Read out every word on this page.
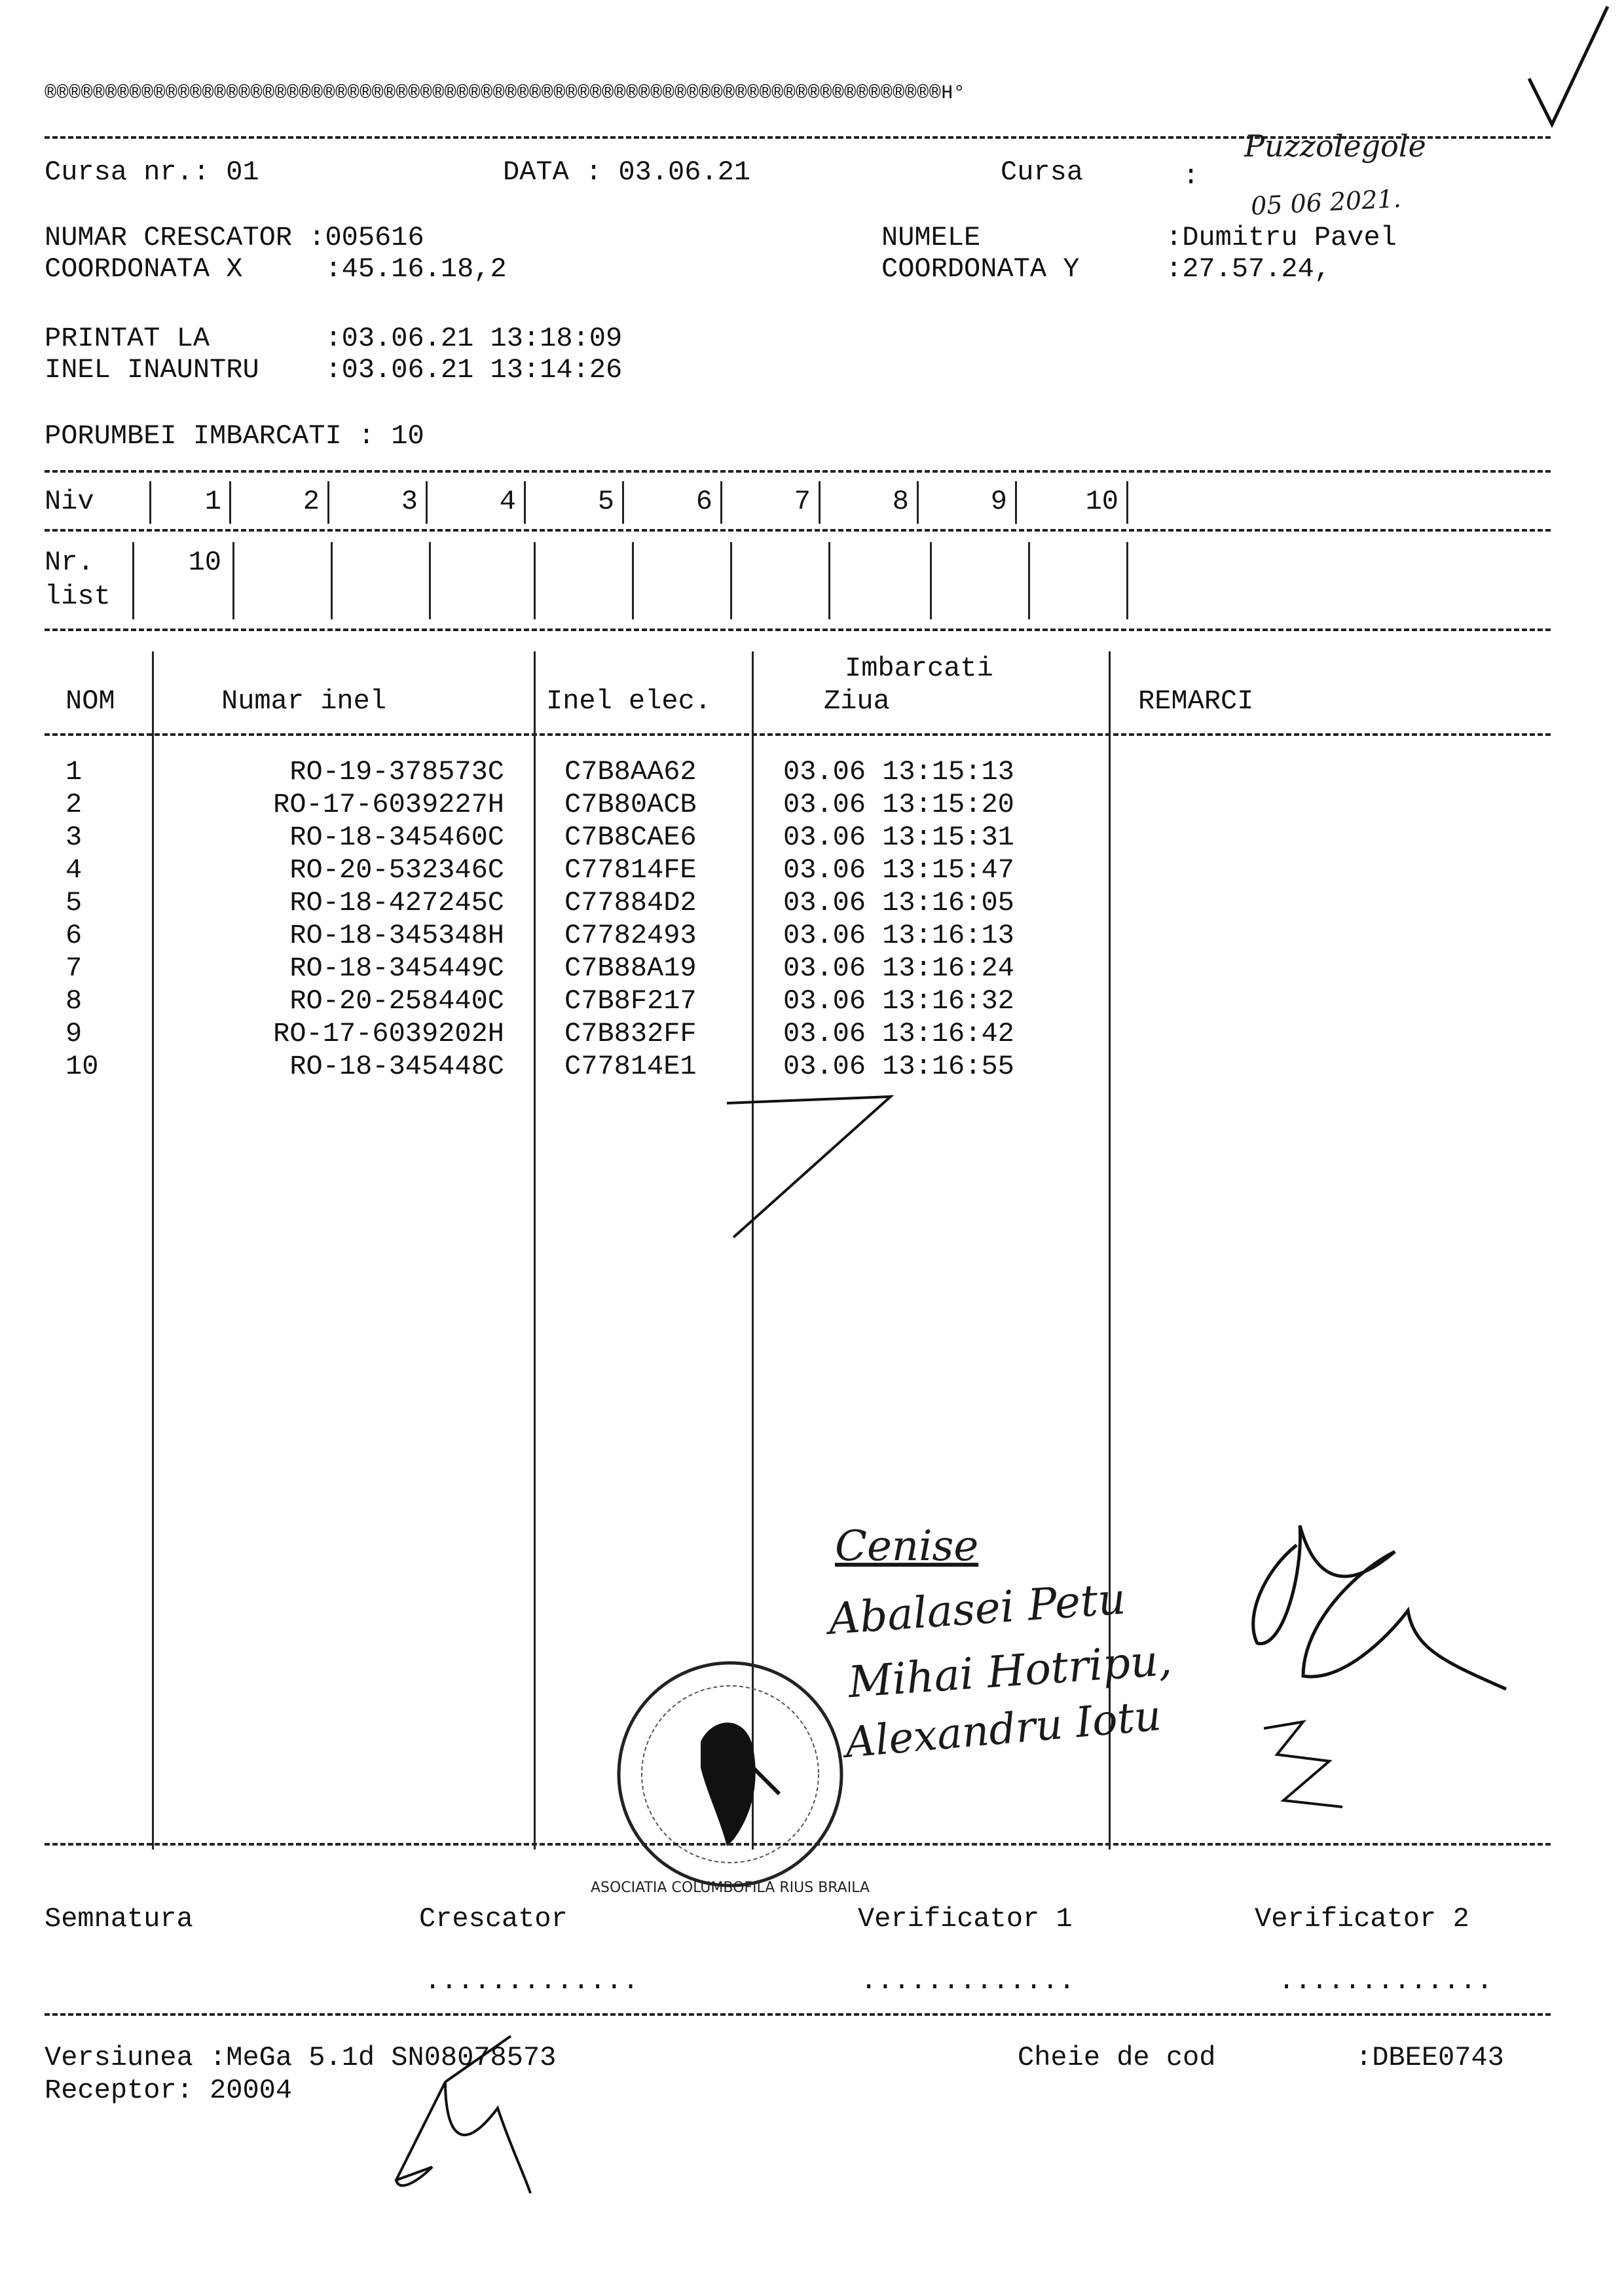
®®®®®®®®®®®®®®®®®®®®®®®®®®®®®®®®®®®®®®®®®®®®®®®®®®®®®®®®®®®®®®®®®®®®®®®®®®H°
Cursa nr.: 01	DATA : 03.06.21	Cursa	:
Puzzolegole
05 06 2021.
NUMAR CRESCATOR :005616
COORDONATA X     :45.16.18,2
NUMELE	:Dumitru Pavel
COORDONATA Y	:27.57.24,
PRINTAT LA       :03.06.21 13:18:09
INEL INAUNTRU    :03.06.21 13:14:26
PORUMBEI IMBARCATI : 10
Niv	1	2	3	4	5	6	7	8	9	10
Nr.
list
10
NOM	Numar inel	Inel elec.
Imbarcati
Ziua	REMARCI
1	RO-19-378573C C7B8AA62	03.06 13:15:13
2	RO-17-6039227H C7B80ACB	03.06 13:15:20
3	RO-18-345460C C7B8CAE6	03.06 13:15:31
4	RO-20-532346C C77814FE	03.06 13:15:47
5	RO-18-427245C C77884D2	03.06 13:16:05
6	RO-18-345348H C7782493	03.06 13:16:13
7	RO-18-345449C C7B88A19	03.06 13:16:24
8	RO-20-258440C C7B8F217	03.06 13:16:32
9	RO-17-6039202H C7B832FF	03.06 13:16:42
10	RO-18-345448C C77814E1	03.06 13:16:55
Cenise
Abalasei Petu
Mihai Hotripu,
Alexandru Iotu
ASOCIATIA COLUMBOFILA RIUS BRAILA
Semnatura	Crescator	Verificator 1	Verificator 2
.............	.............	.............
Versiunea :MeGa 5.1d SN08078573	Cheie de cod	:DBEE0743
Receptor: 20004
